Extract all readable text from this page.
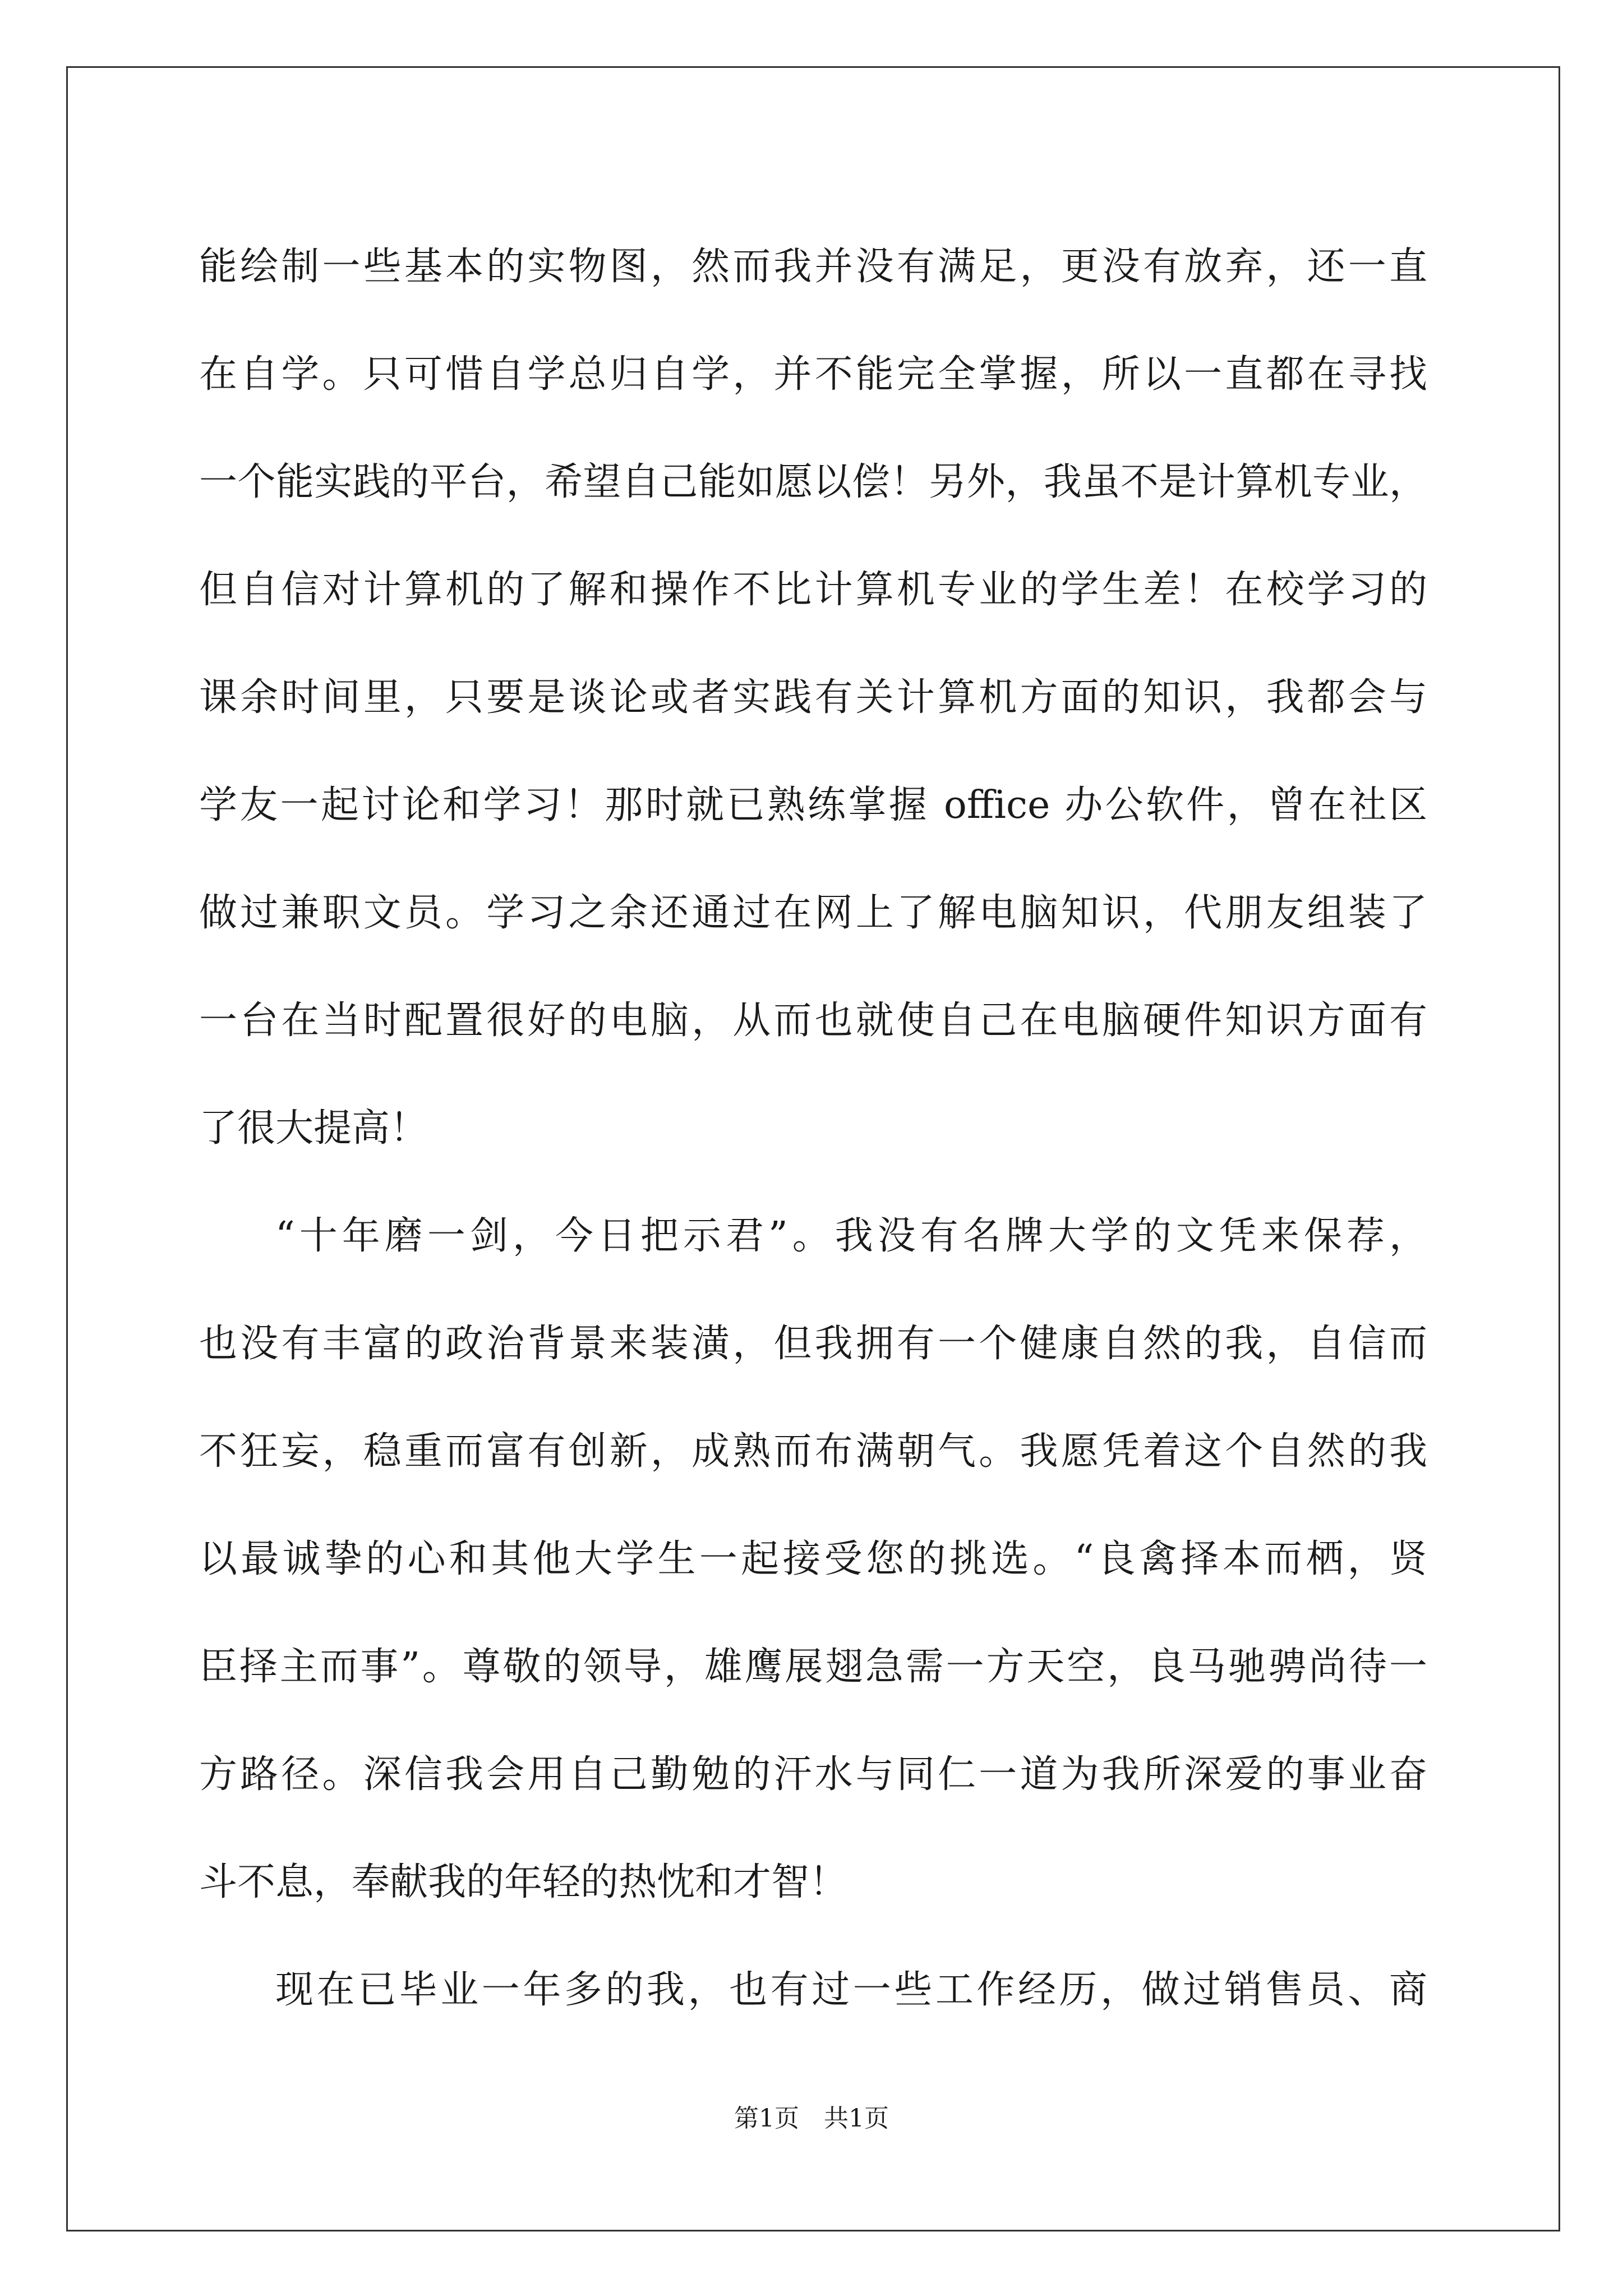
能绘制一些基本的实物图，然而我并没有满足，更没有放弃，还一直
在自学。只可惜自学总归自学，并不能完全掌握，所以一直都在寻找
一个能实践的平台，希望自己能如愿以偿！另外，我虽不是计算机专业，
但自信对计算机的了解和操作不比计算机专业的学生差！在校学习的
课余时间里，只要是谈论或者实践有关计算机方面的知识，我都会与
学友一起讨论和学习！那时就已熟练掌握 office 办公软件，曾在社区
做过兼职文员。学习之余还通过在网上了解电脑知识，代朋友组装了
一台在当时配置很好的电脑，从而也就使自己在电脑硬件知识方面有
了很大提高！
“十年磨一剑，今日把示君”。我没有名牌大学的文凭来保荐，
也没有丰富的政治背景来装潢，但我拥有一个健康自然的我，自信而
不狂妄，稳重而富有创新，成熟而布满朝气。我愿凭着这个自然的我
以最诚挚的心和其他大学生一起接受您的挑选。“良禽择本而栖，贤
臣择主而事”。尊敬的领导，雄鹰展翅急需一方天空，良马驰骋尚待一
方路径。深信我会用自己勤勉的汗水与同仁一道为我所深爱的事业奋
斗不息，奉献我的年轻的热忱和才智！
现在已毕业一年多的我，也有过一些工作经历，做过销售员、商
第1页　共1页
